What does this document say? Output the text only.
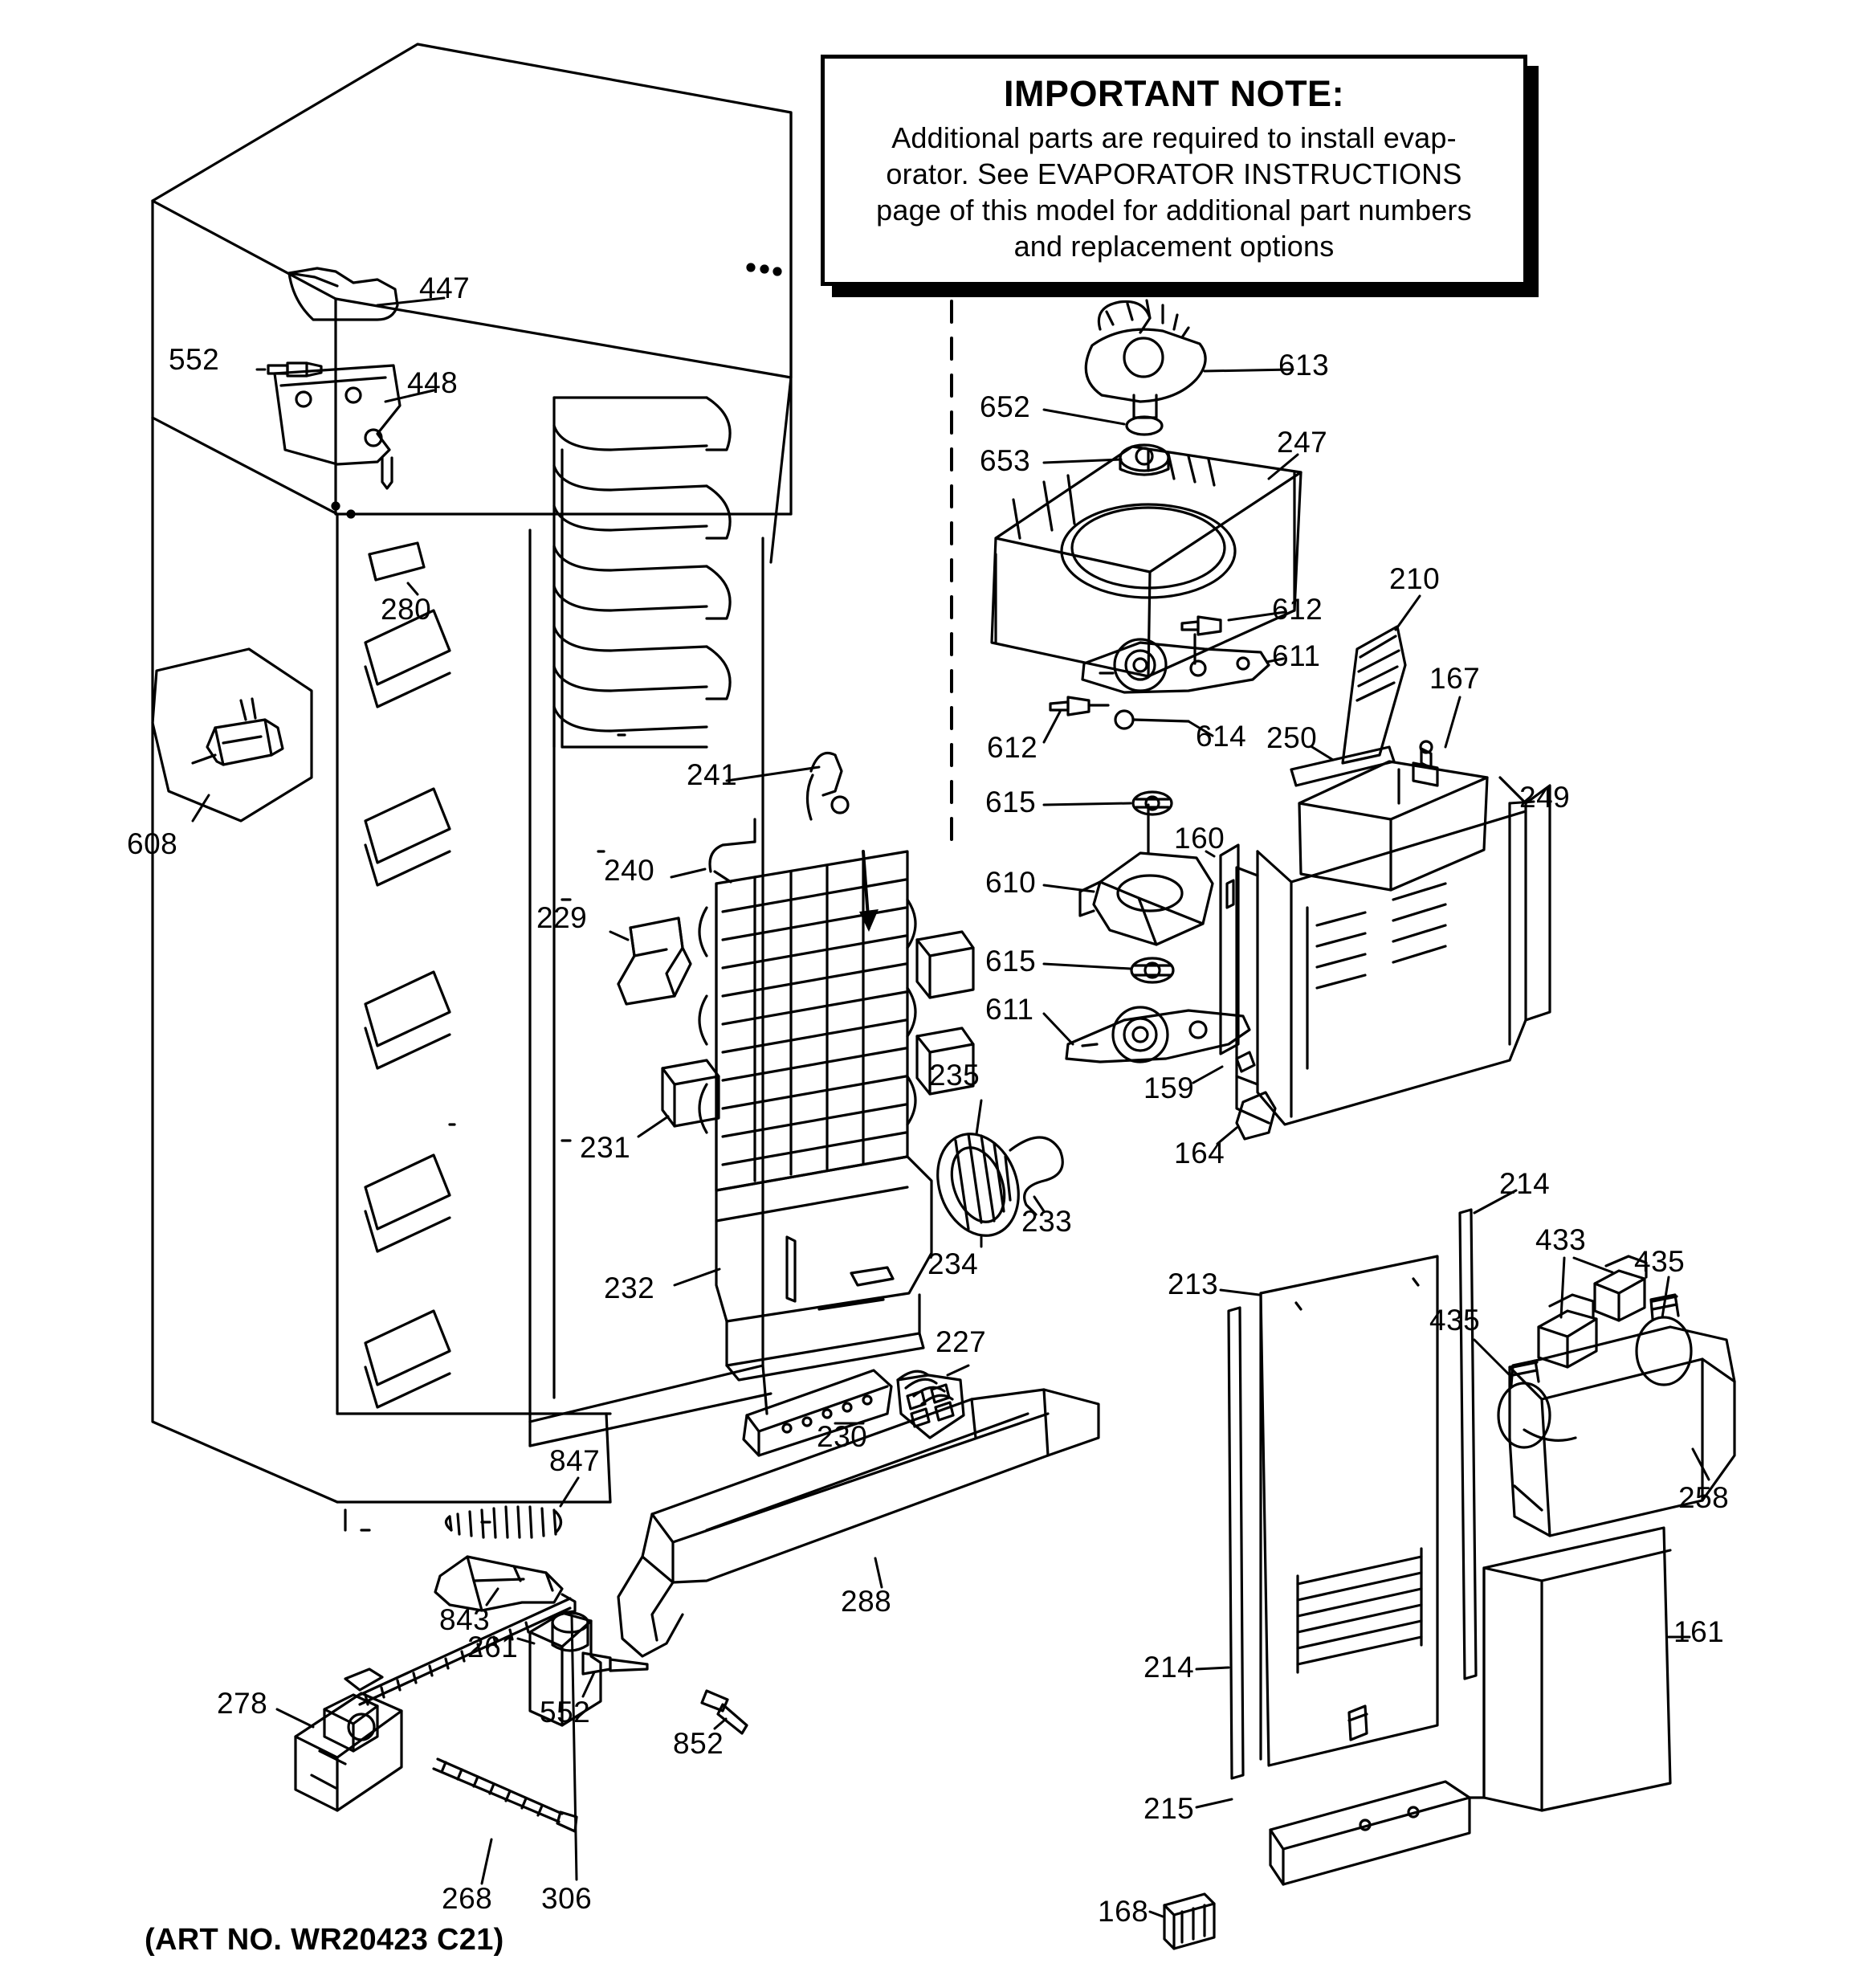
IMPORTANT NOTE:
Additional parts are required to install evap-
orator. See EVAPORATOR INSTRUCTIONS
page of this model for additional part numbers
and replacement options
447
552
448
280
608
241
240
229
231
232
235
233
234
230
227
288
847
843
261
552
852
278
268 306
613
652
653
247
612
611
612	614
210
250
167
249
615
610
160
615
611
159
164
213
214
433
435
435
258
161
214
215
168
(ART NO. WR20423 C21)
